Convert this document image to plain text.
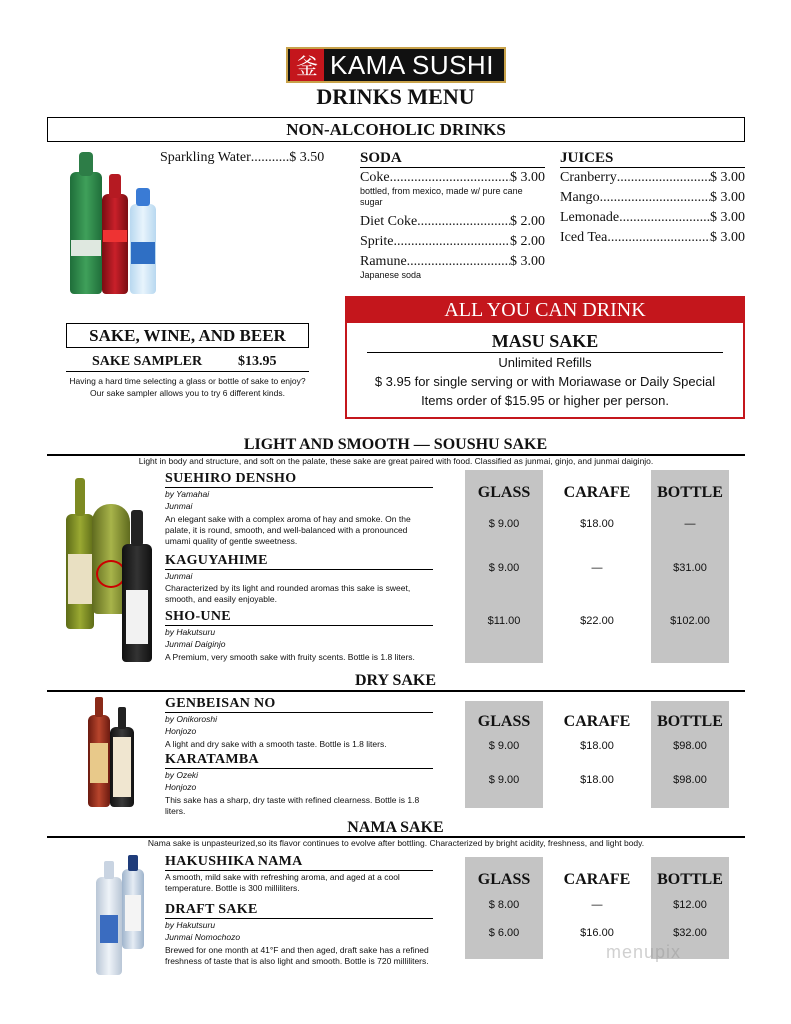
釜 KAMA SUSHI
DRINKS MENU
NON-ALCOHOLIC DRINKS
Sparkling Water ........... $ 3.50 SODA
Coke .....	$ 3.00
bottled, from mexico, made w/ pure cane sugar
Diet Coke .....	$ 2.00
Sprite .....	$ 2.00
Ramune .....	$ 3.00
Japanese soda
JUICES
Cranberry .....	$ 3.00
Mango .....	$ 3.00
Lemonade .....	$ 3.00
Iced Tea .....	$ 3.00
SAKE, WINE, AND BEER
SAKE SAMPLER	$13.95
Having a hard time selecting a glass or bottle of sake to enjoy? Our sake sampler allows you to try 6 different kinds.
ALL YOU CAN DRINK
MASU SAKE
Unlimited Refills
$ 3.95 for single serving or with Moriawase or Daily Special
Items order of $15.95 or higher per person.
LIGHT AND SMOOTH — SOUSHU SAKE
Light in body and structure, and soft on the palate, these sake are great paired with food. Classified as junmai, ginjo, and junmai daiginjo.
SUEHIRO DENSHO
by Yamahai
Junmai
An elegant sake with a complex aroma of hay and smoke. On the palate, it is round, smooth, and well-balanced with a pronounced umami quality of gentle sweetness.
KAGUYAHIME
Junmai
Characterized by its light and rounded aromas this sake is sweet, smooth, and easily enjoyable.
SHO-UNE
by Hakutsuru
Junmai Daiginjo
A Premium, very smooth sake with fruity scents. Bottle is 1.8 liters.
GLASS	CARAFE	BOTTLE
$ 9.00	$18.00	—
$ 9.00	—	$31.00
$11.00	$22.00	$102.00
DRY SAKE
GENBEISAN NO
by Onikoroshi
Honjozo
A light and dry sake with a smooth taste. Bottle is 1.8 liters.
KARATAMBA
by Ozeki
Honjozo
This sake has a sharp, dry taste with refined clearness. Bottle is 1.8 liters.
GLASS	CARAFE	BOTTLE
$ 9.00	$18.00	$98.00
$ 9.00	$18.00	$98.00
NAMA SAKE
Nama sake is unpasteurized,so its flavor continues to evolve after bottling. Characterized by bright acidity, freshness, and light body.
HAKUSHIKA NAMA
A smooth, mild sake with refreshing aroma, and aged at a cool temperature. Bottle is 300 milliliters.
DRAFT SAKE
by Hakutsuru
Junmai Nomochozo
Brewed for one month at 41°F and then aged, draft sake has a refined freshness of taste that is also light and smooth. Bottle is 720 milliliters.
GLASS	CARAFE	BOTTLE
$ 8.00	—	$12.00
$ 6.00	$16.00	$32.00
menupix
